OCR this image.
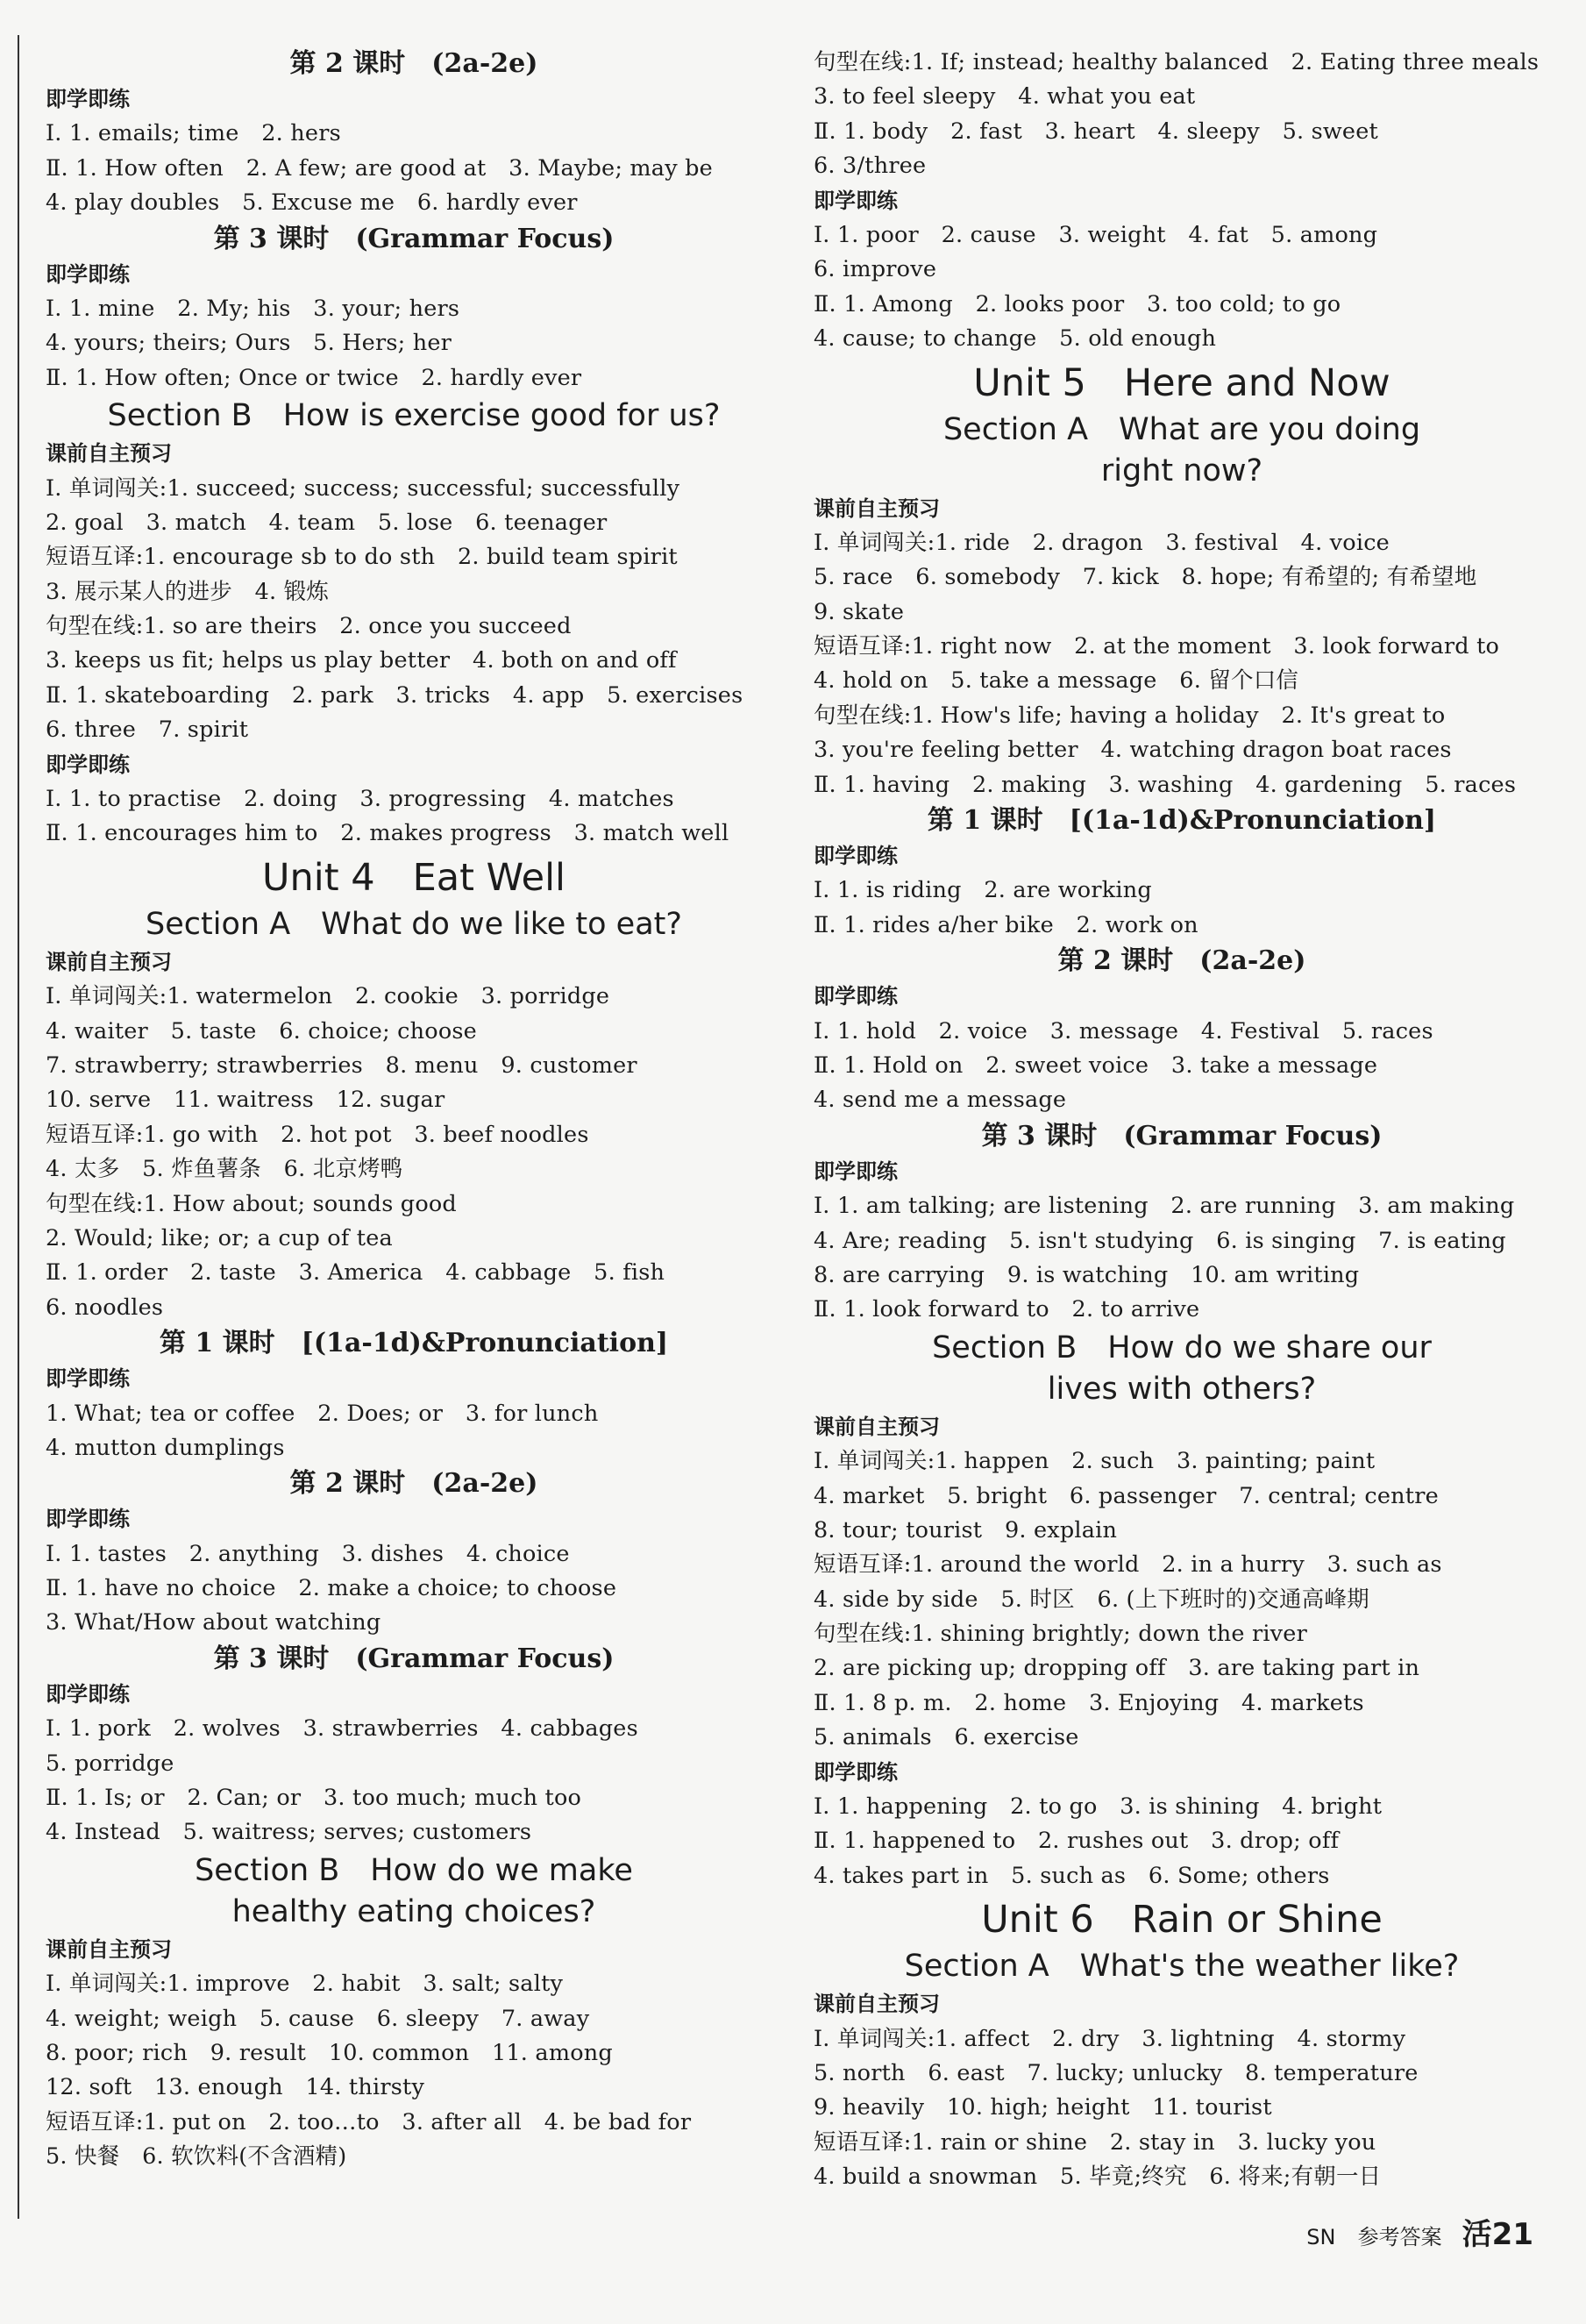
第 2 课时　(2a-2e)
即学即练
Ⅰ. 1. emails; time　2. hers
Ⅱ. 1. How often　2. A few; are good at　3. Maybe; may be
4. play doubles　5. Excuse me　6. hardly ever
第 3 课时　(Grammar Focus)
即学即练
Ⅰ. 1. mine　2. My; his　3. your; hers
4. yours; theirs; Ours　5. Hers; her
Ⅱ. 1. How often; Once or twice　2. hardly ever
Section B　How is exercise good for us?
课前自主预习
Ⅰ. 单词闯关:1. succeed; success; successful; successfully
2. goal　3. match　4. team　5. lose　6. teenager
短语互译:1. encourage sb to do sth　2. build team spirit
3. 展示某人的进步　4. 锻炼
句型在线:1. so are theirs　2. once you succeed
3. keeps us fit; helps us play better　4. both on and off
Ⅱ. 1. skateboarding　2. park　3. tricks　4. app　5. exercises
6. three　7. spirit
即学即练
Ⅰ. 1. to practise　2. doing　3. progressing　4. matches
Ⅱ. 1. encourages him to　2. makes progress　3. match well
Unit 4　Eat Well
Section A　What do we like to eat?
课前自主预习
Ⅰ. 单词闯关:1. watermelon　2. cookie　3. porridge
4. waiter　5. taste　6. choice; choose
7. strawberry; strawberries　8. menu　9. customer
10. serve　11. waitress　12. sugar
短语互译:1. go with　2. hot pot　3. beef noodles
4. 太多　5. 炸鱼薯条　6. 北京烤鸭
句型在线:1. How about; sounds good
2. Would; like; or; a cup of tea
Ⅱ. 1. order　2. taste　3. America　4. cabbage　5. fish
6. noodles
第 1 课时　[(1a-1d)&Pronunciation]
即学即练
1. What; tea or coffee　2. Does; or　3. for lunch
4. mutton dumplings
第 2 课时　(2a-2e)
即学即练
Ⅰ. 1. tastes　2. anything　3. dishes　4. choice
Ⅱ. 1. have no choice　2. make a choice; to choose
3. What/How about watching
第 3 课时　(Grammar Focus)
即学即练
Ⅰ. 1. pork　2. wolves　3. strawberries　4. cabbages
5. porridge
Ⅱ. 1. Is; or　2. Can; or　3. too much; much too
4. Instead　5. waitress; serves; customers
Section B　How do we make
healthy eating choices?
课前自主预习
Ⅰ. 单词闯关:1. improve　2. habit　3. salt; salty
4. weight; weigh　5. cause　6. sleepy　7. away
8. poor; rich　9. result　10. common　11. among
12. soft　13. enough　14. thirsty
短语互译:1. put on　2. too…to　3. after all　4. be bad for
5. 快餐　6. 软饮料(不含酒精)
句型在线:1. If; instead; healthy balanced　2. Eating three meals
3. to feel sleepy　4. what you eat
Ⅱ. 1. body　2. fast　3. heart　4. sleepy　5. sweet
6. 3/three
即学即练
Ⅰ. 1. poor　2. cause　3. weight　4. fat　5. among
6. improve
Ⅱ. 1. Among　2. looks poor　3. too cold; to go
4. cause; to change　5. old enough
Unit 5　Here and Now
Section A　What are you doing
right now?
课前自主预习
Ⅰ. 单词闯关:1. ride　2. dragon　3. festival　4. voice
5. race　6. somebody　7. kick　8. hope; 有希望的; 有希望地
9. skate
短语互译:1. right now　2. at the moment　3. look forward to
4. hold on　5. take a message　6. 留个口信
句型在线:1. How's life; having a holiday　2. It's great to
3. you're feeling better　4. watching dragon boat races
Ⅱ. 1. having　2. making　3. washing　4. gardening　5. races
第 1 课时　[(1a-1d)&Pronunciation]
即学即练
Ⅰ. 1. is riding　2. are working
Ⅱ. 1. rides a/her bike　2. work on
第 2 课时　(2a-2e)
即学即练
Ⅰ. 1. hold　2. voice　3. message　4. Festival　5. races
Ⅱ. 1. Hold on　2. sweet voice　3. take a message
4. send me a message
第 3 课时　(Grammar Focus)
即学即练
Ⅰ. 1. am talking; are listening　2. are running　3. am making
4. Are; reading　5. isn't studying　6. is singing　7. is eating
8. are carrying　9. is watching　10. am writing
Ⅱ. 1. look forward to　2. to arrive
Section B　How do we share our
lives with others?
课前自主预习
Ⅰ. 单词闯关:1. happen　2. such　3. painting; paint
4. market　5. bright　6. passenger　7. central; centre
8. tour; tourist　9. explain
短语互译:1. around the world　2. in a hurry　3. such as
4. side by side　5. 时区　6. (上下班时的)交通高峰期
句型在线:1. shining brightly; down the river
2. are picking up; dropping off　3. are taking part in
Ⅱ. 1. 8 p. m.　2. home　3. Enjoying　4. markets
5. animals　6. exercise
即学即练
Ⅰ. 1. happening　2. to go　3. is shining　4. bright
Ⅱ. 1. happened to　2. rushes out　3. drop; off
4. takes part in　5. such as　6. Some; others
Unit 6　Rain or Shine
Section A　What's the weather like?
课前自主预习
Ⅰ. 单词闯关:1. affect　2. dry　3. lightning　4. stormy
5. north　6. east　7. lucky; unlucky　8. temperature
9. heavily　10. high; height　11. tourist
短语互译:1. rain or shine　2. stay in　3. lucky you
4. build a snowman　5. 毕竟;终究　6. 将来;有朝一日
SN 参考答案 活21
